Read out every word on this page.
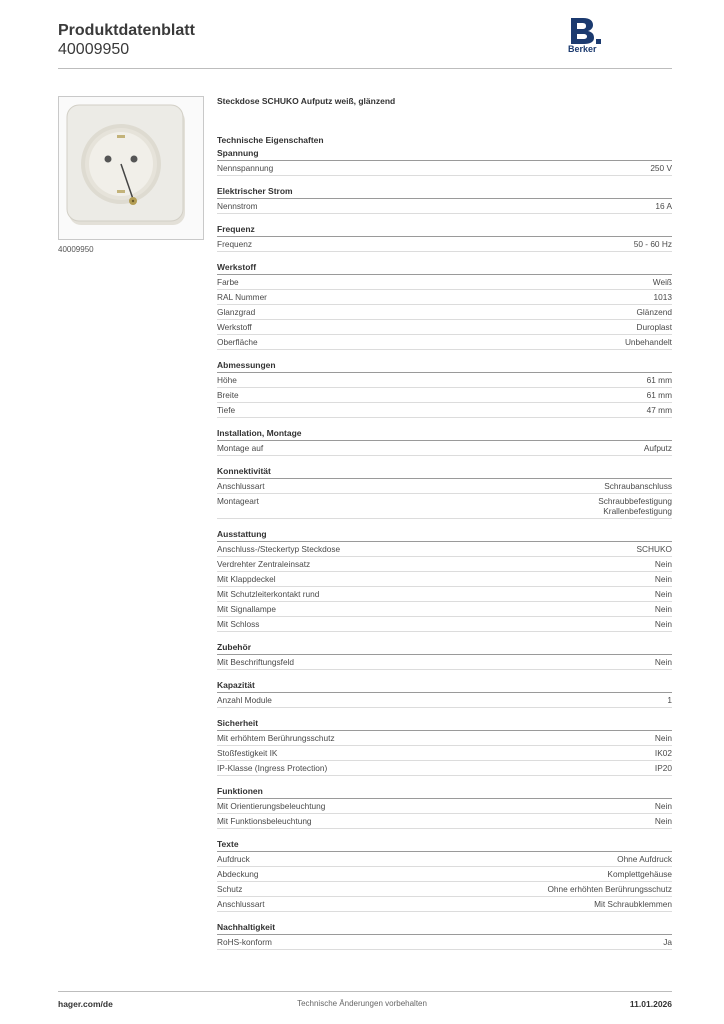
Produktdatenblatt
40009950	Berker
40009950
Steckdose SCHUKO Aufputz weiß, glänzend
Technische Eigenschaften
Spannung
Nennspannung	250 V
Elektrischer Strom
Nennstrom	16 A
Frequenz
Frequenz	50 - 60 Hz
Werkstoff
Farbe	Weiß
RAL Nummer	1013
Glanzgrad	Glänzend
Werkstoff	Duroplast
Oberfläche	Unbehandelt
Abmessungen
Höhe	61 mm
Breite	61 mm
Tiefe	47 mm
Installation, Montage
Montage auf	Aufputz
Konnektivität
Anschlussart	Schraubanschluss
Montageart	Schraubbefestigung
Krallenbefestigung
Ausstattung
Anschluss-/Steckertyp Steckdose	SCHUKO
Verdrehter Zentraleinsatz	Nein
Mit Klappdeckel	Nein
Mit Schutzleiterkontakt rund	Nein
Mit Signallampe	Nein
Mit Schloss	Nein
Zubehör
Mit Beschriftungsfeld	Nein
Kapazität
Anzahl Module	1
Sicherheit
Mit erhöhtem Berührungsschutz	Nein
Stoßfestigkeit IK	IK02
IP-Klasse (Ingress Protection)	IP20
Funktionen
Mit Orientierungsbeleuchtung	Nein
Mit Funktionsbeleuchtung	Nein
Texte
Aufdruck	Ohne Aufdruck
Abdeckung	Komplettgehäuse
Schutz	Ohne erhöhten Berührungsschutz
Anschlussart	Mit Schraubklemmen
Nachhaltigkeit
RoHS-konform	Ja
hager.com/de	Technische Änderungen vorbehalten	11.01.2026
